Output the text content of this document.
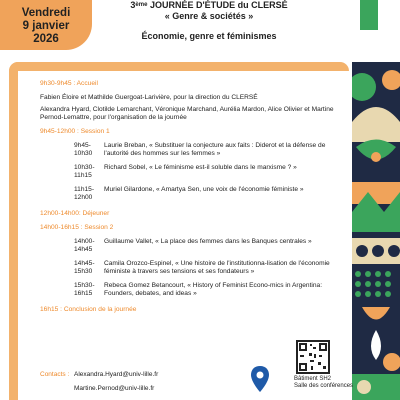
Vendredi
9 janvier
2026
3ème JOURNÉE D'ÉTUDE du CLERSÉ
« Genre & sociétés »
Économie, genre et féminismes
9h30-9h45 : Accueil
Fabien Éloire et Mathilde Guergoat-Larivière, pour la direction du CLERSÉ
Alexandra Hyard, Clotilde Lemarchant, Véronique Marchand, Aurélia Mardon, Alice Olivier et Martine Pernod-Lemattre, pour l'organisation de la journée
9h45-12h00 : Session 1
9h45-10h30
Laurie Breban, « Substituer la conjecture aux faits : Diderot et la défense de l'autorité des hommes sur les femmes »
10h30-11h15
Richard Sobel, « Le féminisme est-il soluble dans le marxisme ? »
11h15-12h00
Muriel Gilardone, « Amartya Sen, une voix de l'économie féministe »
12h00-14h00: Déjeuner
14h00-16h15 : Session 2
14h00-14h45
Guillaume Vallet, « La place des femmes dans les Banques centrales »
14h45-15h30
Camila Orozco-Espinel, « Une histoire de l'institutionna-lisation de l'économie féministe à travers ses tensions et ses fondateurs »
15h30-16h15
Rebeca Gomez Betancourt, « History of Feminist Econo-mics in Argentina: Founders, debates, and ideas »
16h15 : Conclusion de la journée
Contacts : Alexandra.Hyard@univ-lille.fr
Martine.Pernod@univ-lille.fr
Bâtiment SH2
Salle des conférences
